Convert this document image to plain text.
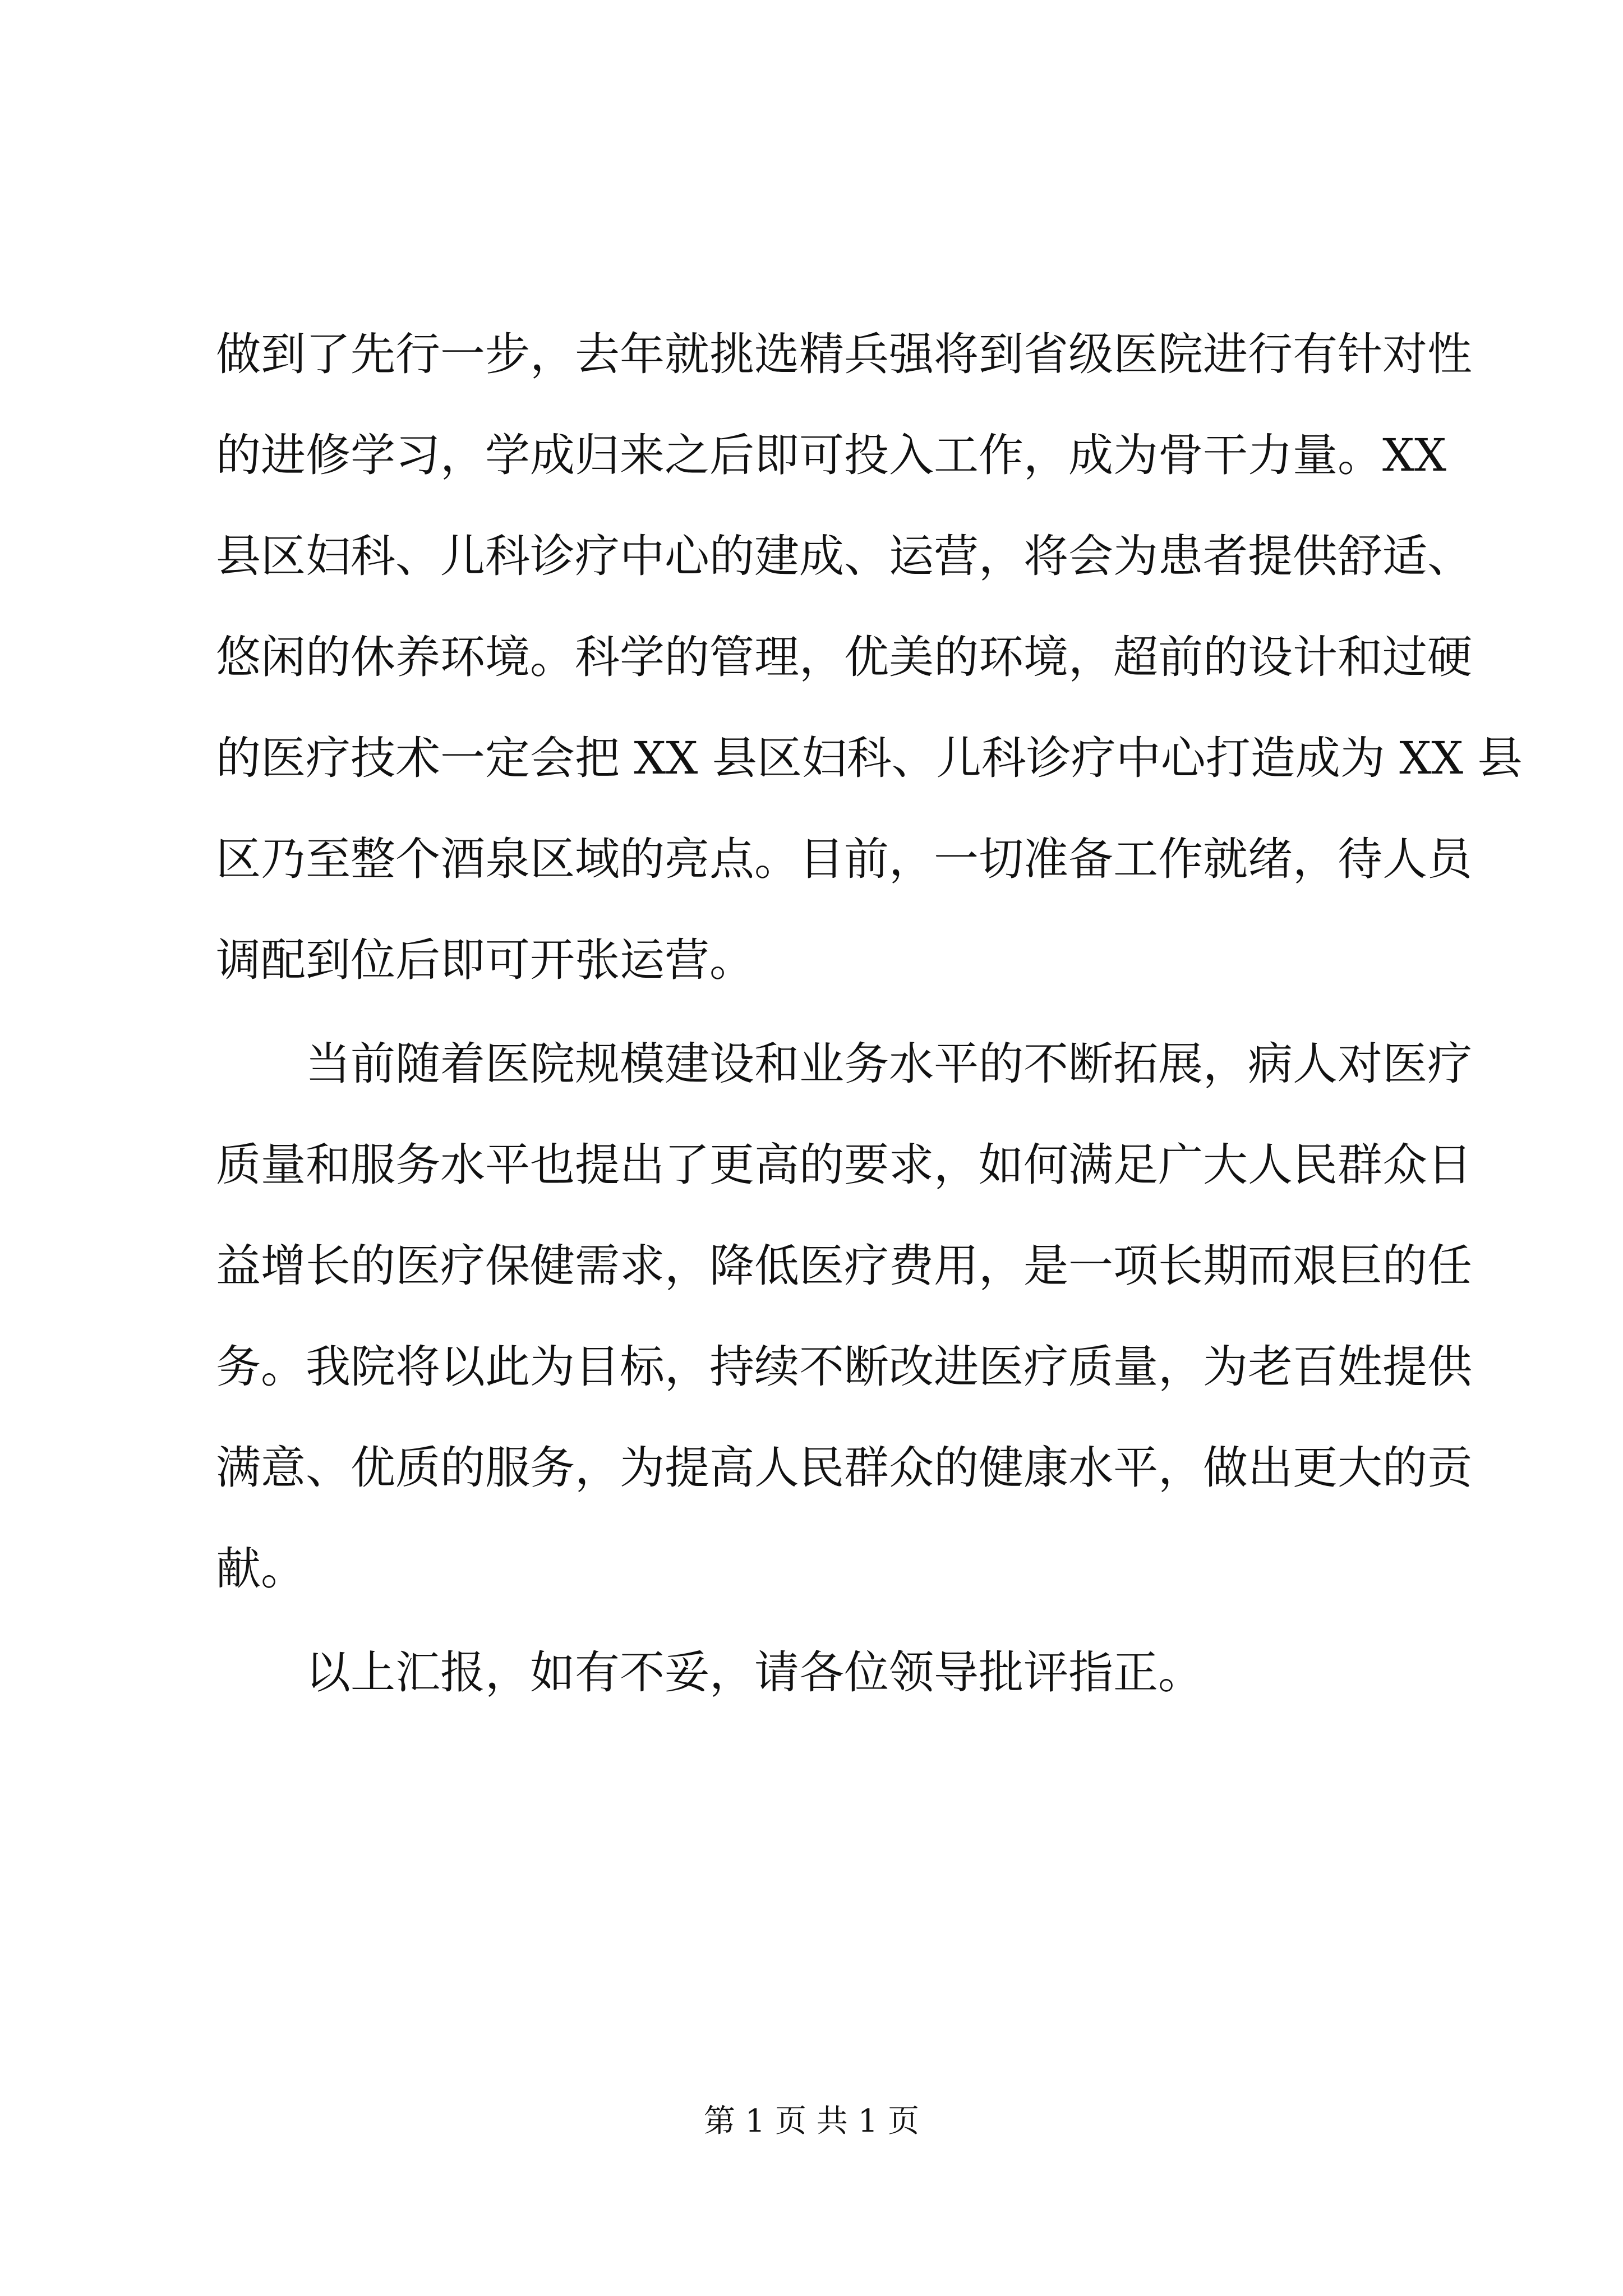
做到了先行一步，去年就挑选精兵强将到省级医院进行有针对性
的进修学习，学成归来之后即可投入工作，成为骨干力量。XX
县区妇科、儿科诊疗中心的建成、运营，将会为患者提供舒适、
悠闲的休养环境。科学的管理，优美的环境，超前的设计和过硬
的医疗技术一定会把 XX 县区妇科、儿科诊疗中心打造成为 XX 县
区乃至整个酒泉区域的亮点。目前，一切准备工作就绪，待人员
调配到位后即可开张运营。
　　当前随着医院规模建设和业务水平的不断拓展，病人对医疗
质量和服务水平也提出了更高的要求，如何满足广大人民群众日
益增长的医疗保健需求，降低医疗费用，是一项长期而艰巨的任
务。我院将以此为目标，持续不断改进医疗质量，为老百姓提供
满意、优质的服务，为提高人民群众的健康水平，做出更大的贡
献。
　　以上汇报，如有不妥，请各位领导批评指正。
第 1 页 共 1 页
